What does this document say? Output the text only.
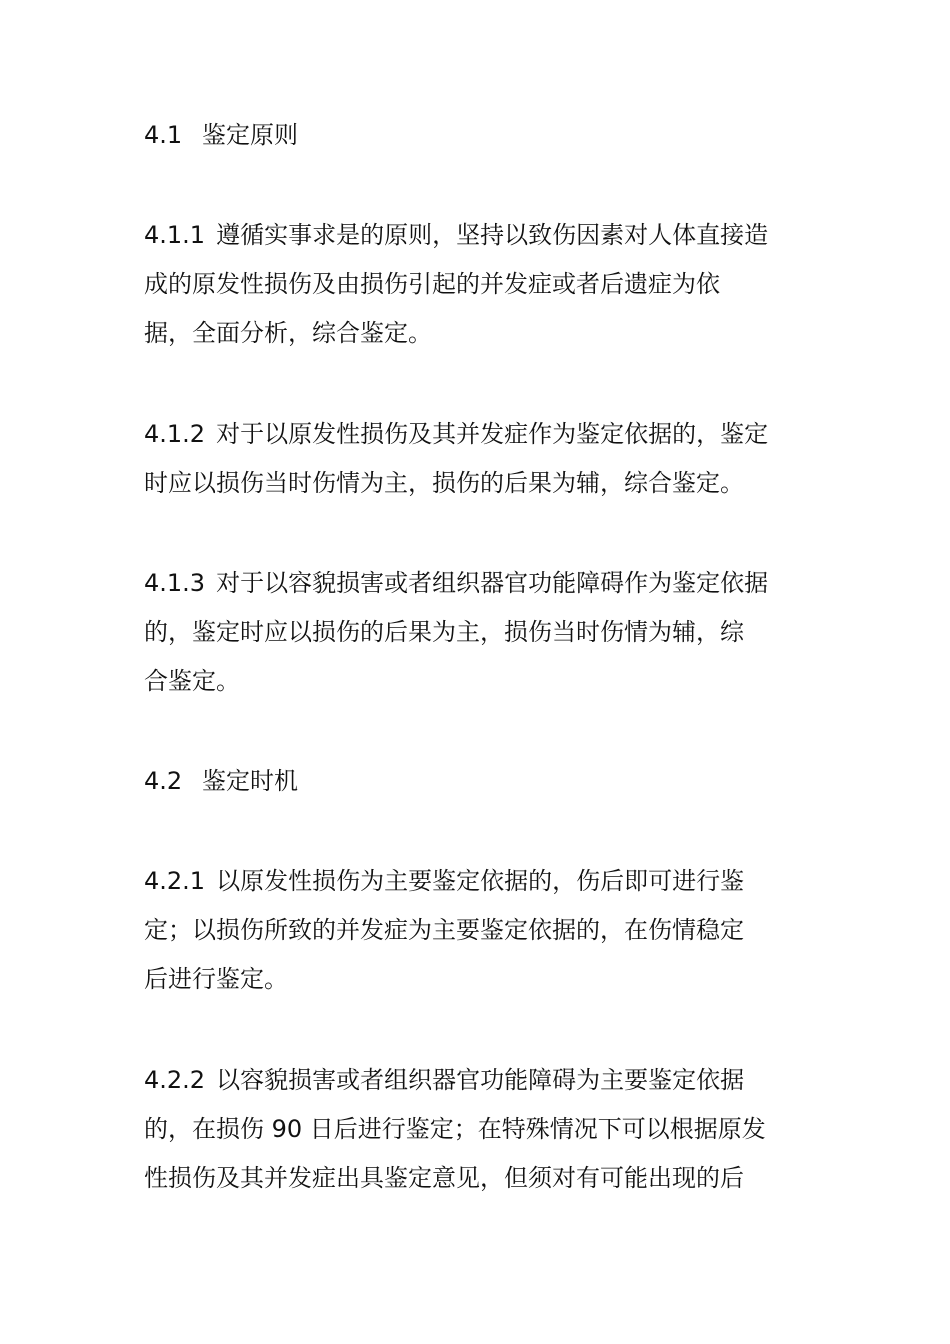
4.1 鉴定原则
4.1.1 遵循实事求是的原则，坚持以致伤因素对人体直接造
成的原发性损伤及由损伤引起的并发症或者后遗症为依
据，全面分析，综合鉴定。
4.1.2 对于以原发性损伤及其并发症作为鉴定依据的，鉴定
时应以损伤当时伤情为主，损伤的后果为辅，综合鉴定。
4.1.3 对于以容貌损害或者组织器官功能障碍作为鉴定依据
的，鉴定时应以损伤的后果为主，损伤当时伤情为辅，综
合鉴定。
4.2 鉴定时机
4.2.1 以原发性损伤为主要鉴定依据的，伤后即可进行鉴
定；以损伤所致的并发症为主要鉴定依据的，在伤情稳定
后进行鉴定。
4.2.2 以容貌损害或者组织器官功能障碍为主要鉴定依据
的，在损伤 90 日后进行鉴定；在特殊情况下可以根据原发
性损伤及其并发症出具鉴定意见，但须对有可能出现的后
